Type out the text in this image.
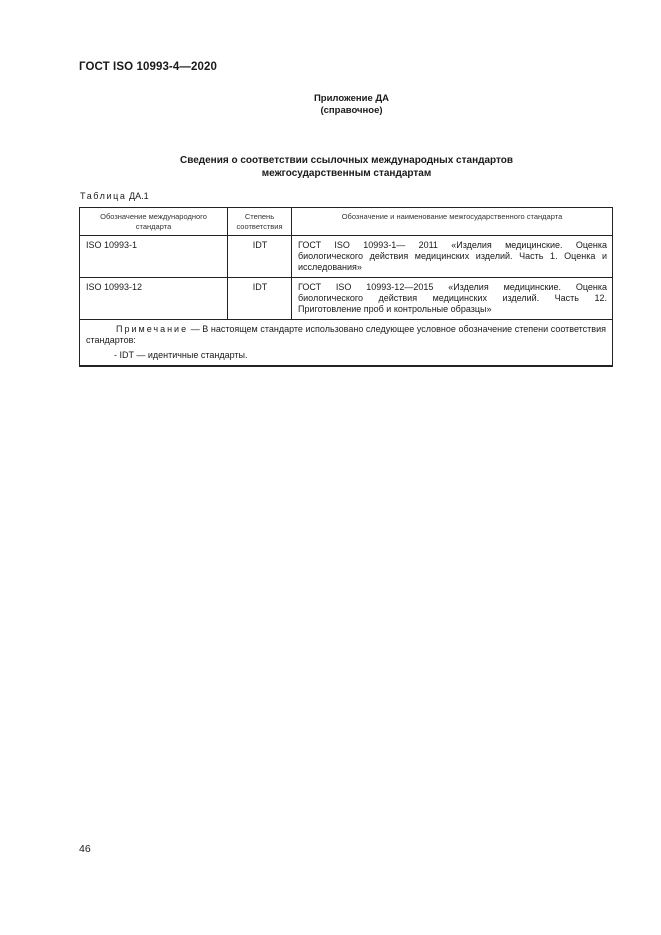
ГОСТ ISO 10993-4—2020
Приложение ДА
(справочное)
Сведения о соответствии ссылочных международных стандартов
межгосударственным стандартам
Таблица ДА.1
Обозначение международного стандарта	Степень соответствия	Обозначение и наименование межгосударственного стандарта
ISO 10993-1	IDT	ГОСТ ISO 10993-1— 2011 «Изделия медицинские. Оценка биологического действия медицинских изделий. Часть 1. Оценка и исследования»
ISO 10993-12	IDT	ГОСТ ISO 10993-12—2015 «Изделия медицинские. Оценка биологического действия медицинских изделий. Часть 12. Приготовление проб и контрольные образцы»
Примечание — В настоящем стандарте использовано следующее условное обозначение степени соответствия стандартов:
- IDT — идентичные стандарты.		
46
